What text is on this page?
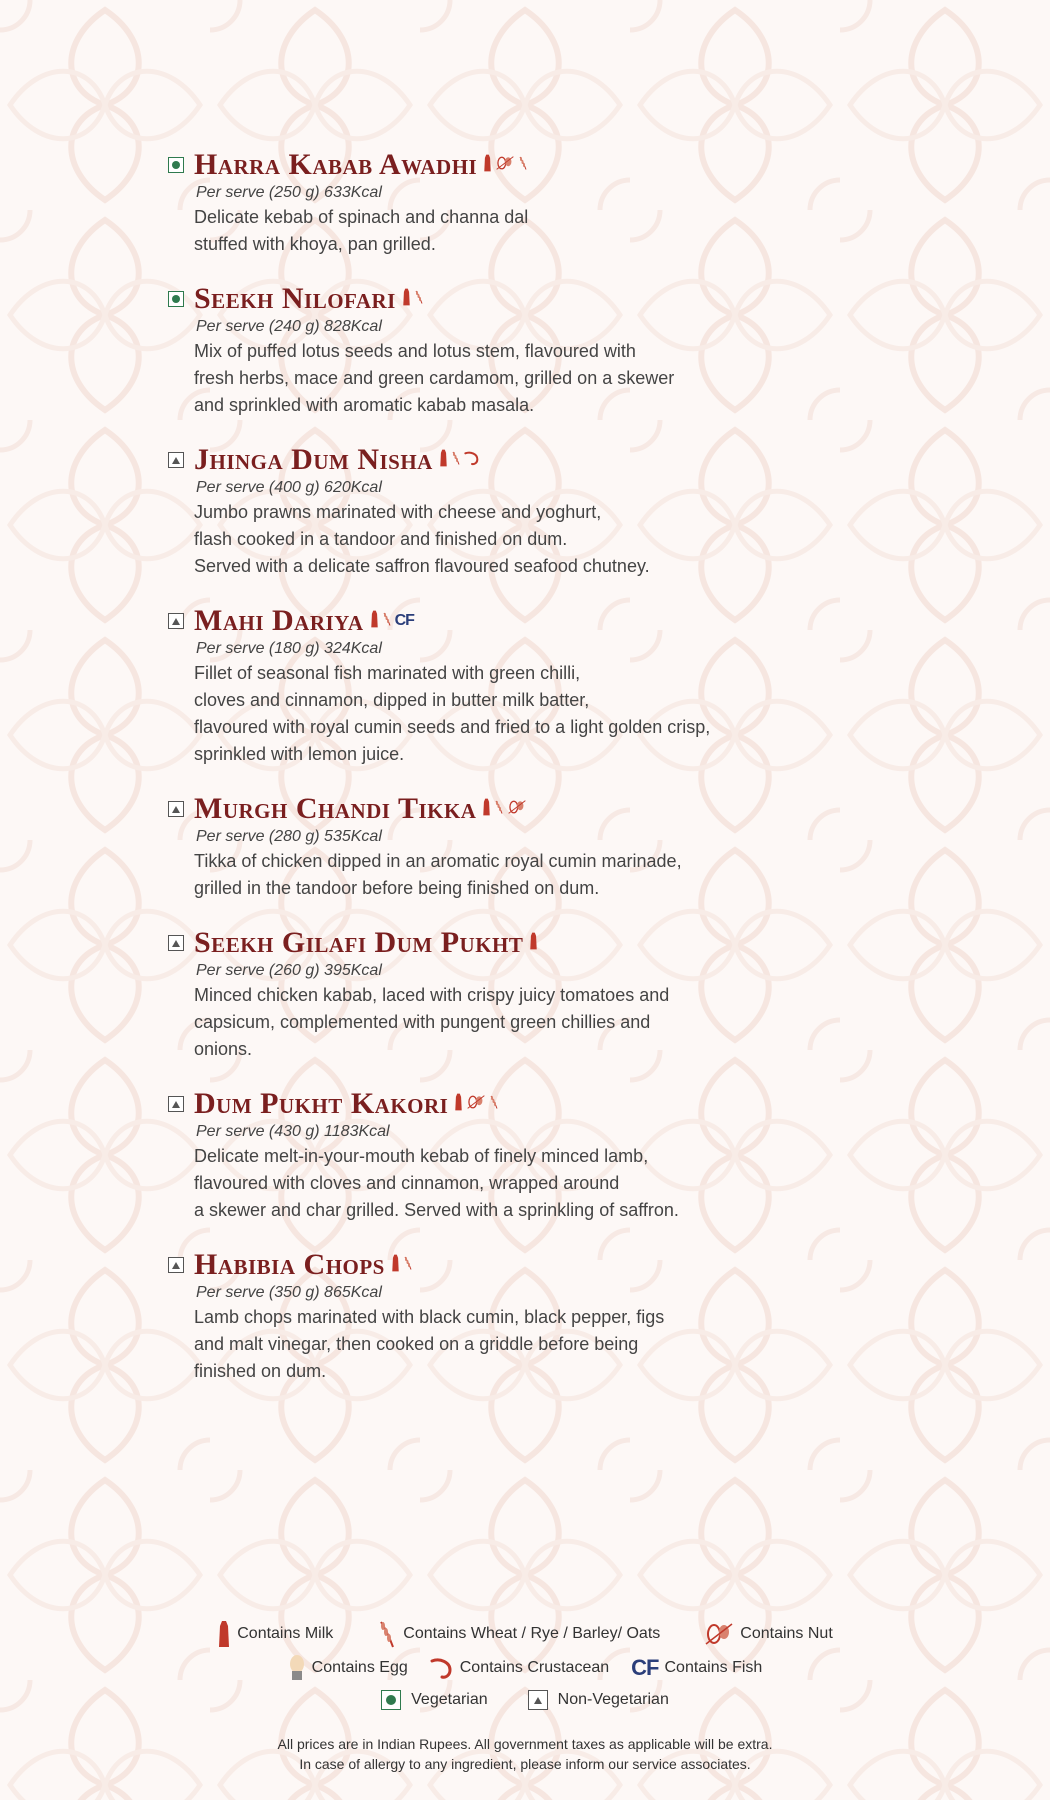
Harra Kabab Awadhi
Per serve (250 g) 633Kcal
Delicate kebab of spinach and channa dal
stuffed with khoya, pan grilled.
Seekh Nilofari
Per serve (240 g) 828Kcal
Mix of puffed lotus seeds and lotus stem, flavoured with
fresh herbs, mace and green cardamom, grilled on a skewer
and sprinkled with aromatic kabab masala.
Jhinga Dum Nisha
Per serve (400 g) 620Kcal
Jumbo prawns marinated with cheese and yoghurt,
flash cooked in a tandoor and finished on dum.
Served with a delicate saffron flavoured seafood chutney.
Mahi Dariya CF
Per serve (180 g) 324Kcal
Fillet of seasonal fish marinated with green chilli,
cloves and cinnamon, dipped in butter milk batter,
flavoured with royal cumin seeds and fried to a light golden crisp,
sprinkled with lemon juice.
Murgh Chandi Tikka
Per serve (280 g) 535Kcal
Tikka of chicken dipped in an aromatic royal cumin marinade,
grilled in the tandoor before being finished on dum.
Seekh Gilafi Dum Pukht
Per serve (260 g) 395Kcal
Minced chicken kabab, laced with crispy juicy tomatoes and
capsicum, complemented with pungent green chillies and
onions.
Dum Pukht Kakori
Per serve (430 g) 1183Kcal
Delicate melt-in-your-mouth kebab of finely minced lamb,
flavoured with cloves and cinnamon, wrapped around
a skewer and char grilled. Served with a sprinkling of saffron.
Habibia Chops
Per serve (350 g) 865Kcal
Lamb chops marinated with black cumin, black pepper, figs
and malt vinegar, then cooked on a griddle before being
finished on dum.
Contains Milk	Contains Wheat / Rye / Barley/ Oats	Contains Nut
Contains Egg	Contains Crustacean CF Contains Fish
Vegetarian	Non-Vegetarian
All prices are in Indian Rupees. All government taxes as applicable will be extra.
In case of allergy to any ingredient, please inform our service associates.
